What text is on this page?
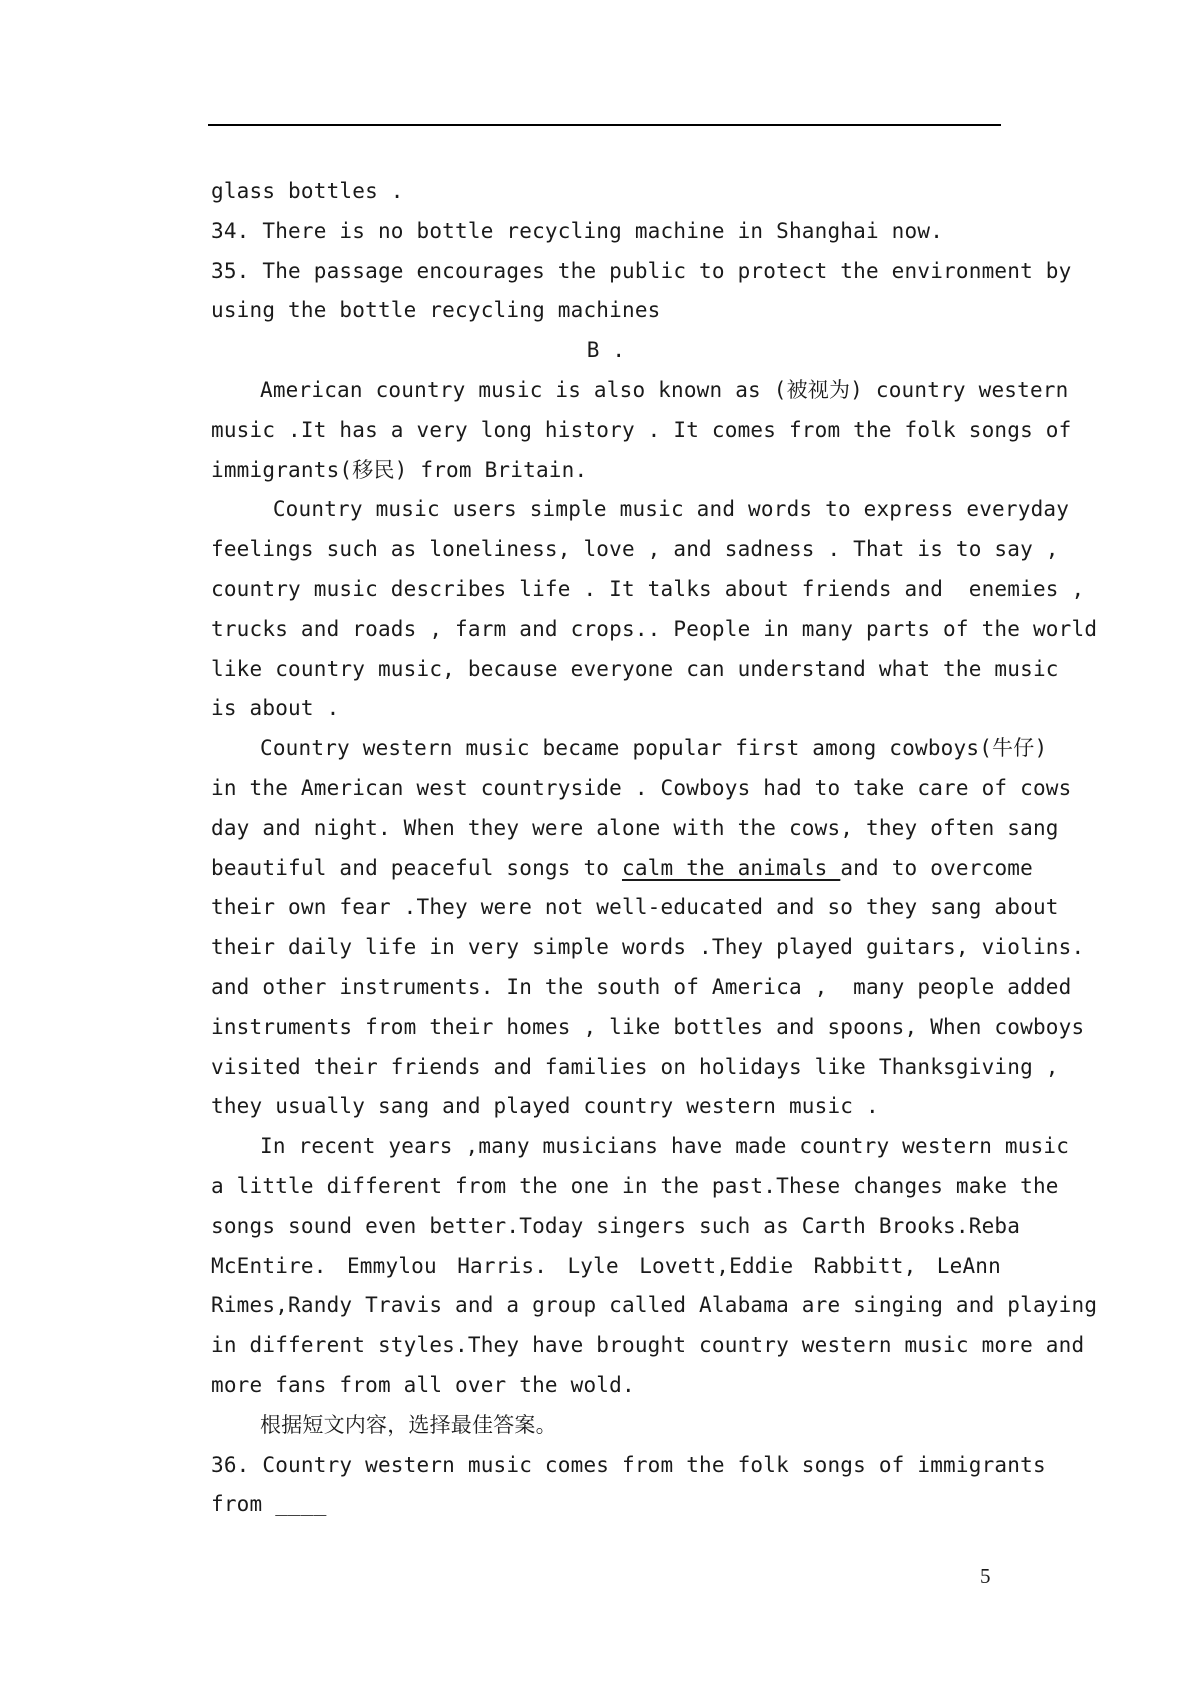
glass bottles .
34. There is no bottle recycling machine in Shanghai now.
35. The passage encourages the public to protect the environment by
using the bottle recycling machines
B .
American country music is also known as (被视为) country western
music .It has a very long history . It comes from the folk songs of
immigrants(移民) from Britain.
Country music users simple music and words to express everyday
feelings such as loneliness, love , and sadness . That is to say ,
country music describes life . It talks about friends and  enemies ,
trucks and roads , farm and crops.. People in many parts of the world
like country music, because everyone can understand what the music
is about .
Country western music became popular first among cowboys(牛仔)
in the American west countryside . Cowboys had to take care of cows
day and night. When they were alone with the cows, they often sang
beautiful and peaceful songs to calm the animals and to overcome
their own fear .They were not well-educated and so they sang about
their daily life in very simple words .They played guitars, violins.
and other instruments. In the south of America ,  many people added
instruments from their homes , like bottles and spoons, When cowboys
visited their friends and families on holidays like Thanksgiving ,
they usually sang and played country western music .
In recent years ,many musicians have made country western music
a little different from the one in the past.These changes make the
songs sound even better.Today singers such as Carth Brooks.Reba
McEntire. Emmylou Harris. Lyle Lovett,Eddie Rabbitt, LeAnn
Rimes,Randy Travis and a group called Alabama are singing and playing
in different styles.They have brought country western music more and
more fans from all over the wold.
根据短文内容，选择最佳答案。
36. Country western music comes from the folk songs of immigrants
from ____
5
